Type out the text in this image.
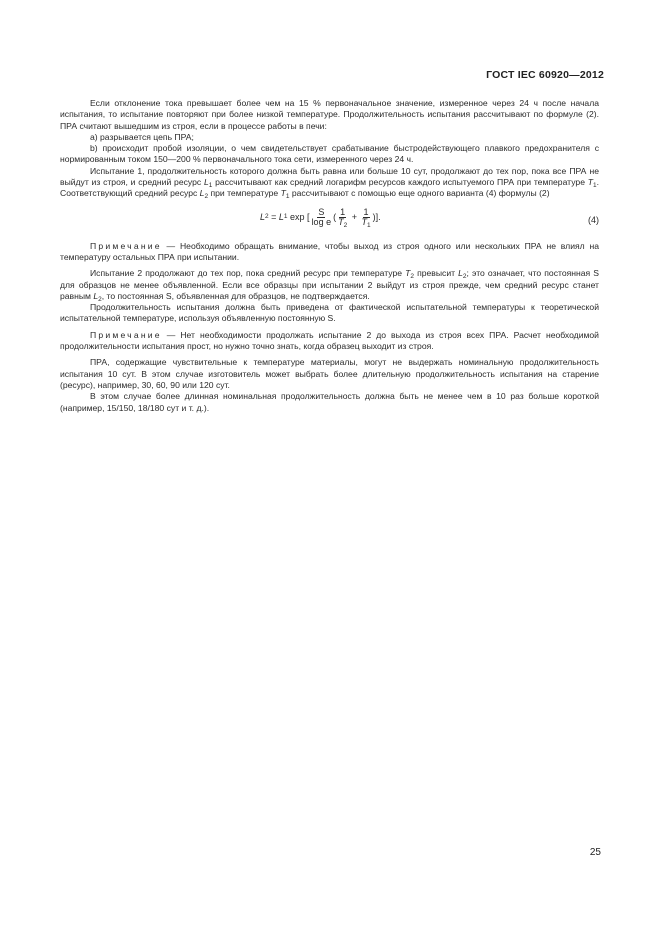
ГОСТ IEC 60920—2012

Если отклонение тока превышает более чем на 15 % первоначальное значение, измеренное через 24 ч после начала испытания, то испытание повторяют при более низкой температуре. Продолжительность испытания рассчитывают по формуле (2). ПРА считают вышедшим из строя, если в процессе работы в печи:

а) разрывается цепь ПРА;

b) происходит пробой изоляции, о чем свидетельствует срабатывание быстродействующего плавкого предохранителя с нормированным током 150—200 % первоначального тока сети, измеренного через 24 ч.

Испытание 1, продолжительность которого должна быть равна или больше 10 сут, продолжают до тех пор, пока все ПРА не выйдут из строя, и средний ресурс $L_1$ рассчитывают как средний логарифм ресурсов каждого испытуемого ПРА при температуре $T_1$. Соответствующий средний ресурс $L_2$ при температуре $T_1$ рассчитывают с помощью еще одного варианта (4) формулы (2)

L 2 = L 1 exp [ $\frac{S}{\text{log e}}$ ( $\frac{1}{T_2} + \frac{1}{T_1}$ )].	(4)

Примечание — Необходимо обращать внимание, чтобы выход из строя одного или нескольких ПРА не влиял на температуру остальных ПРА при испытании.

Испытание 2 продолжают до тех пор, пока средний ресурс при температуре $T_2$ превысит $L_2$; это означает, что постоянная S для образцов не менее объявленной. Если все образцы при испытании 2 выйдут из строя прежде, чем средний ресурс станет равным $L_2$, то постоянная S, объявленная для образцов, не подтверждается.

Продолжительность испытания должна быть приведена от фактической испытательной температуры к теоретической испытательной температуре, используя объявленную постоянную S.

Примечание — Нет необходимости продолжать испытание 2 до выхода из строя всех ПРА. Расчет необходимой продолжительности испытания прост, но нужно точно знать, когда образец выходит из строя.

ПРА, содержащие чувствительные к температуре материалы, могут не выдержать номинальную продолжительность испытания 10 сут. В этом случае изготовитель может выбрать более длительную продолжительность испытания на старение (ресурс), например, 30, 60, 90 или 120 сут.

В этом случае более длинная номинальная продолжительность должна быть не менее чем в 10 раз больше короткой (например, 15/150, 18/180 сут и т. д.).

25
